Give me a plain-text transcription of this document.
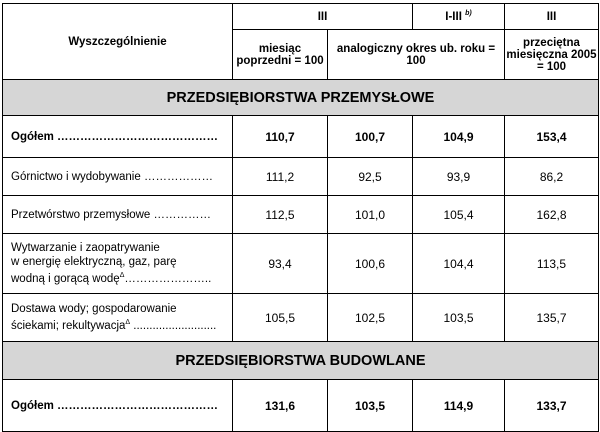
Wyszczególnienie	III		I-III $^{b)}$	III
	miesiąc poprzedni = 100	analogiczny okres ub. roku = 100		przeciętna miesięczna 2005 = 100
PRZEDSIĘBIORSTWA PRZEMYSŁOWE				
Ogółem ……………………………………	110,7	100,7	104,9	153,4
Górnictwo i wydobywanie ………………	111,2	92,5	93,9	86,2
Przetwórstwo przemysłowe ……………	112,5	101,0	105,4	162,8
Wytwarzanie i zaopatrywanie
w energię elektryczną, gaz, parę
wodną i gorącą wodę$^\Delta$…………………..	93,4	100,6	104,4	113,5
Dostawa wody; gospodarowanie
ściekami; rekultywacja$^\Delta$ ..........................	105,5	102,5	103,5	135,7
PRZEDSIĘBIORSTWA BUDOWLANE				
Ogółem ……………………………………	131,6	103,5	114,9	133,7
